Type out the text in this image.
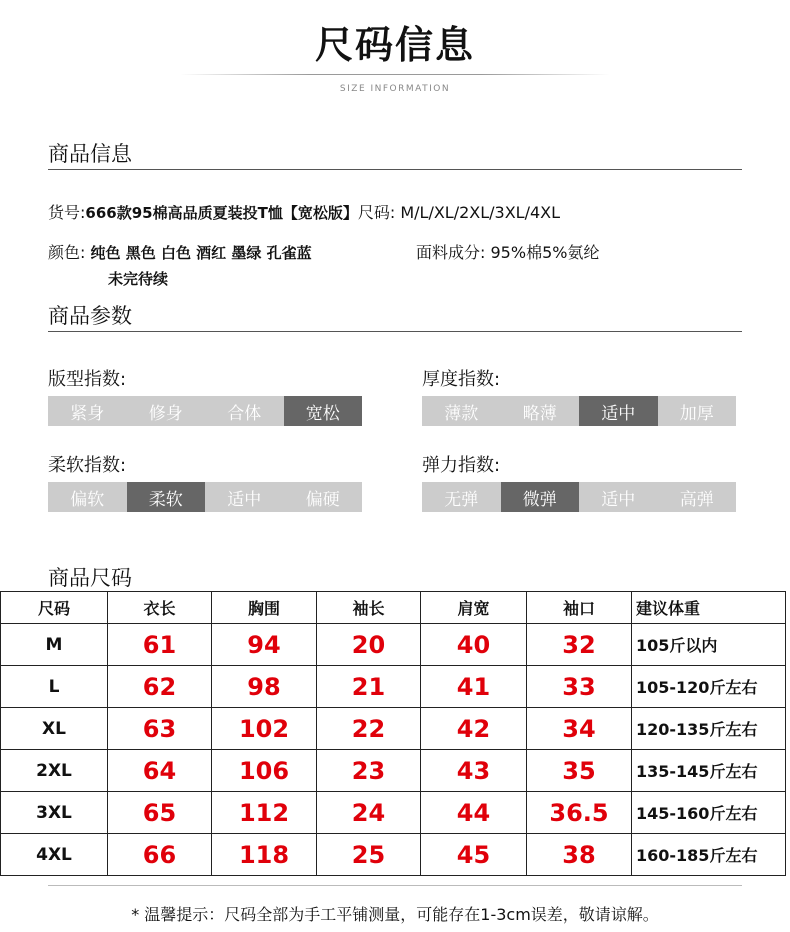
尺码信息
SIZE INFORMATION
商品信息
货号:666款95棉高品质夏装投T恤【宽松版】尺码: M/L/XL/2XL/3XL/4XL
颜色: 纯色 黑色 白色 酒红 墨绿 孔雀蓝
未完待续
面料成分: 95%棉5%氨纶
商品参数
版型指数:
紧身	修身	合体	宽松
厚度指数:
薄款	略薄	适中	加厚
柔软指数:
偏软	柔软	适中	偏硬
弹力指数:
无弹	微弹	适中	高弹
商品尺码
尺码	衣长	胸围	袖长	肩宽	袖口	建议体重
M	61	94	20	40	32	105斤以内
L	62	98	21	41	33	105-120斤左右
XL	63	102	22	42	34	120-135斤左右
2XL	64	106	23	43	35	135-145斤左右
3XL	65	112	24	44	36.5	145-160斤左右
4XL	66	118	25	45	38	160-185斤左右
* 温馨提示：尺码全部为手工平铺测量，可能存在1-3cm误差，敬请谅解。
